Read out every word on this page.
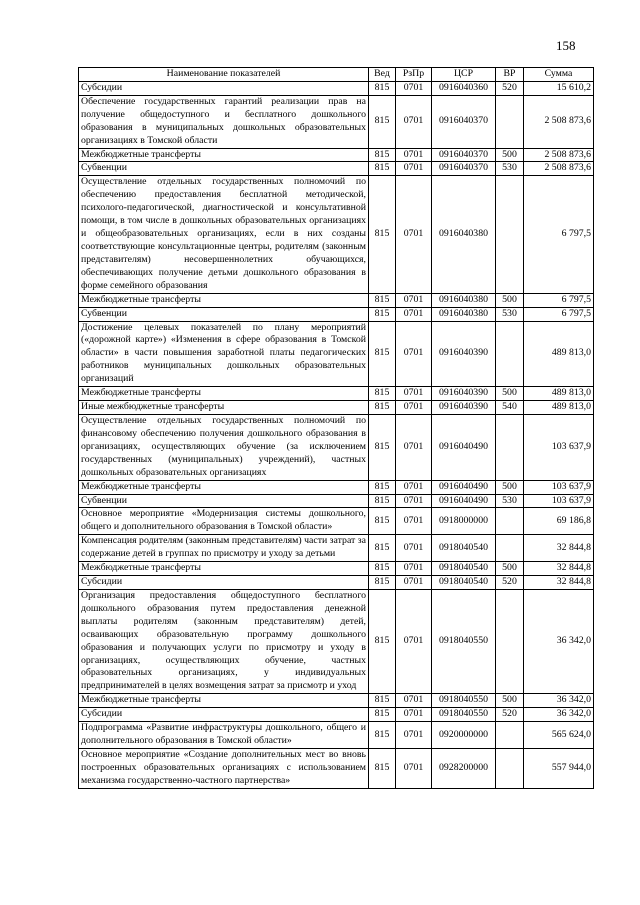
158
Наименование показателей	Вед	РзПр	ЦСР	ВР	Сумма
Субсидии	815	0701	0916040360	520	15 610,2
Обеспечение государственных гарантий реализации прав на получение общедоступного и бесплатного дошкольного образования в муниципальных дошкольных образовательных организациях в Томской области	815	0701	0916040370		2 508 873,6
Межбюджетные трансферты	815	0701	0916040370	500	2 508 873,6
Субвенции	815	0701	0916040370	530	2 508 873,6
Осуществление отдельных государственных полномочий по обеспечению предоставления бесплатной методической, психолого-педагогической, диагностической и консультативной помощи, в том числе в дошкольных образовательных организациях и общеобразовательных организациях, если в них созданы соответствующие консультационные центры, родителям (законным представителям) несовершеннолетних обучающихся, обеспечивающих получение детьми дошкольного образования в форме семейного образования	815	0701	0916040380		6 797,5
Межбюджетные трансферты	815	0701	0916040380	500	6 797,5
Субвенции	815	0701	0916040380	530	6 797,5
Достижение целевых показателей по плану мероприятий («дорожной карте») «Изменения в сфере образования в Томской области» в части повышения заработной платы педагогических работников муниципальных дошкольных образовательных организаций	815	0701	0916040390		489 813,0
Межбюджетные трансферты	815	0701	0916040390	500	489 813,0
Иные межбюджетные трансферты	815	0701	0916040390	540	489 813,0
Осуществление отдельных государственных полномочий по финансовому обеспечению получения дошкольного образования в организациях, осуществляющих обучение (за исключением государственных (муниципальных) учреждений), частных дошкольных образовательных организациях	815	0701	0916040490		103 637,9
Межбюджетные трансферты	815	0701	0916040490	500	103 637,9
Субвенции	815	0701	0916040490	530	103 637,9
Основное мероприятие «Модернизация системы дошкольного, общего и дополнительного образования в Томской области»	815	0701	0918000000		69 186,8
Компенсация родителям (законным представителям) части затрат за содержание детей в группах по присмотру и уходу за детьми	815	0701	0918040540		32 844,8
Межбюджетные трансферты	815	0701	0918040540	500	32 844,8
Субсидии	815	0701	0918040540	520	32 844,8
Организация предоставления общедоступного бесплатного дошкольного образования путем предоставления денежной выплаты родителям (законным представителям) детей, осваивающих образовательную программу дошкольного образования и получающих услуги по присмотру и уходу в организациях, осуществляющих обучение, частных образовательных организациях, у индивидуальных предпринимателей в целях возмещения затрат за присмотр и уход	815	0701	0918040550		36 342,0
Межбюджетные трансферты	815	0701	0918040550	500	36 342,0
Субсидии	815	0701	0918040550	520	36 342,0
Подпрограмма «Развитие инфраструктуры дошкольного, общего и дополнительного образования в Томской области»	815	0701	0920000000		565 624,0
Основное мероприятие «Создание дополнительных мест во вновь построенных образовательных организациях с использованием механизма государственно-частного партнерства»	815	0701	0928200000		557 944,0
